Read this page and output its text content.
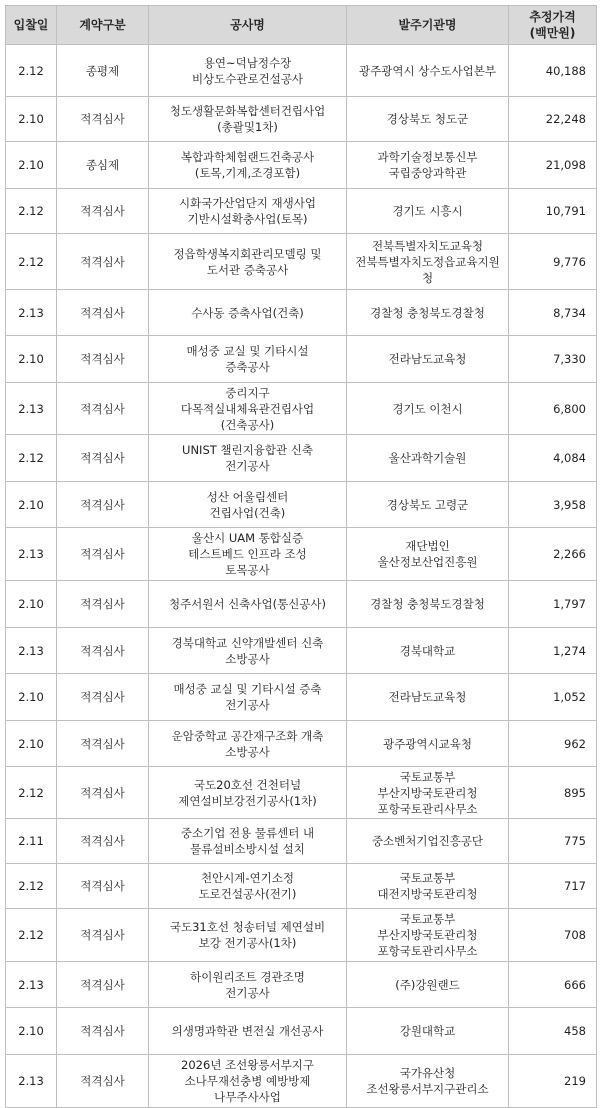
입찰일	계약구분	공사명	발주기관명	추정가격
(백만원)
2.12	종평제	용연~덕남정수장
비상도수관로건설공사	광주광역시 상수도사업본부	40,188
2.10	적격심사	청도생활문화복합센터건립사업
(총괄및1차)	경상북도 청도군	22,248
2.10	종심제	복합과학체험랜드건축공사
(토목,기계,조경포함)	과학기술정보통신부
국립중앙과학관	21,098
2.12	적격심사	시화국가산업단지 재생사업
기반시설확충사업(토목)	경기도 시흥시	10,791
2.12	적격심사	정읍학생복지회관리모델링 및
도서관 증축공사	전북특별자치도교육청
전북특별자치도정읍교육지원청	9,776
2.13	적격심사	수사동 증축사업(건축)	경찰청 충청북도경찰청	8,734
2.10	적격심사	매성중 교실 및 기타시설
증축공사	전라남도교육청	7,330
2.13	적격심사	중리지구
다목적실내체육관건립사업
(건축공사)	경기도 이천시	6,800
2.12	적격심사	UNIST 챌린지융합관 신축
전기공사	울산과학기술원	4,084
2.10	적격심사	성산 어울림센터
건립사업(건축)	경상북도 고령군	3,958
2.13	적격심사	울산시 UAM 통합실증
테스트베드 인프라 조성
토목공사	재단법인
울산정보산업진흥원	2,266
2.10	적격심사	청주서원서 신축사업(통신공사)	경찰청 충청북도경찰청	1,797
2.13	적격심사	경북대학교 신약개발센터 신축
소방공사	경북대학교	1,274
2.10	적격심사	매성중 교실 및 기타시설 증축
전기공사	전라남도교육청	1,052
2.10	적격심사	운암중학교 공간재구조화 개축
소방공사	광주광역시교육청	962
2.12	적격심사	국도20호선 건천터널
제연설비보강전기공사(1차)	국토교통부
부산지방국토관리청
포항국토관리사무소	895
2.11	적격심사	중소기업 전용 물류센터 내
물류설비소방시설 설치	중소벤처기업진흥공단	775
2.12	적격심사	천안시계-연기소정
도로건설공사(전기)	국토교통부
대전지방국토관리청	717
2.12	적격심사	국도31호선 청송터널 제연설비
보강 전기공사(1차)	국토교통부
부산지방국토관리청
포항국토관리사무소	708
2.13	적격심사	하이원리조트 경관조명
전기공사	(주)강원랜드	666
2.10	적격심사	의생명과학관 변전실 개선공사	강원대학교	458
2.13	적격심사	2026년 조선왕릉서부지구
소나무재선충병 예방방제
나무주사사업	국가유산청
조선왕릉서부지구관리소	219
